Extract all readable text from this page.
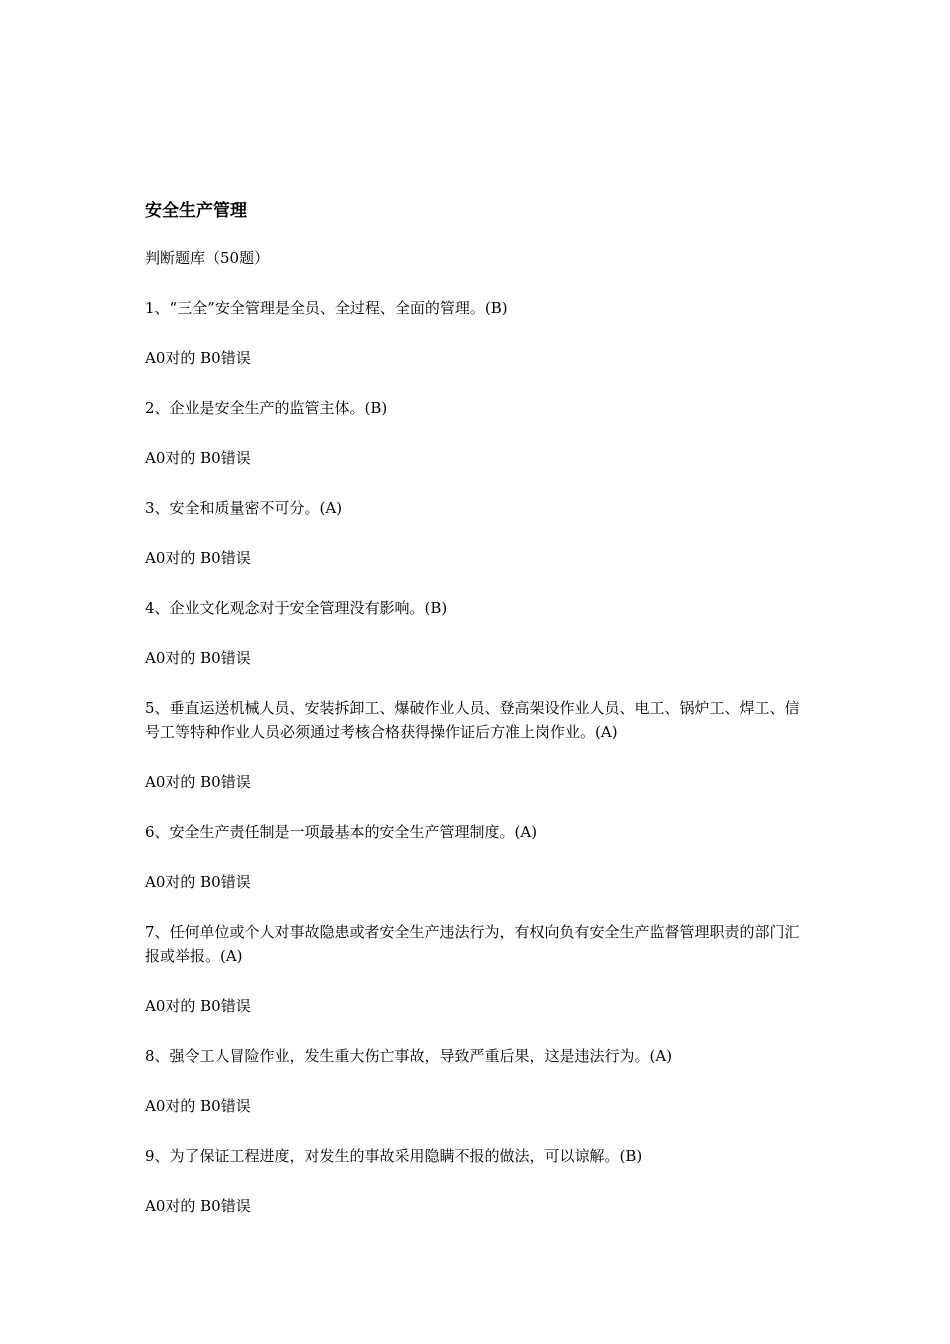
安全生产管理
判断题库（50题）
1、“三全”安全管理是全员、全过程、全面的管理。(B)
A0对的 B0错误
2、企业是安全生产的监管主体。(B)
A0对的 B0错误
3、安全和质量密不可分。(A)
A0对的 B0错误
4、企业文化观念对于安全管理没有影响。(B)
A0对的 B0错误
5、垂直运送机械人员、安装拆卸工、爆破作业人员、登高架设作业人员、电工、锅炉工、焊工、信号工等特种作业人员必须通过考核合格获得操作证后方准上岗作业。(A)
A0对的 B0错误
6、安全生产责任制是一项最基本的安全生产管理制度。(A)
A0对的 B0错误
7、任何单位或个人对事故隐患或者安全生产违法行为，有权向负有安全生产监督管理职责的部门汇报或举报。(A)
A0对的 B0错误
8、强令工人冒险作业，发生重大伤亡事故，导致严重后果，这是违法行为。(A)
A0对的 B0错误
9、为了保证工程进度，对发生的事故采用隐瞒不报的做法，可以谅解。(B)
A0对的 B0错误
